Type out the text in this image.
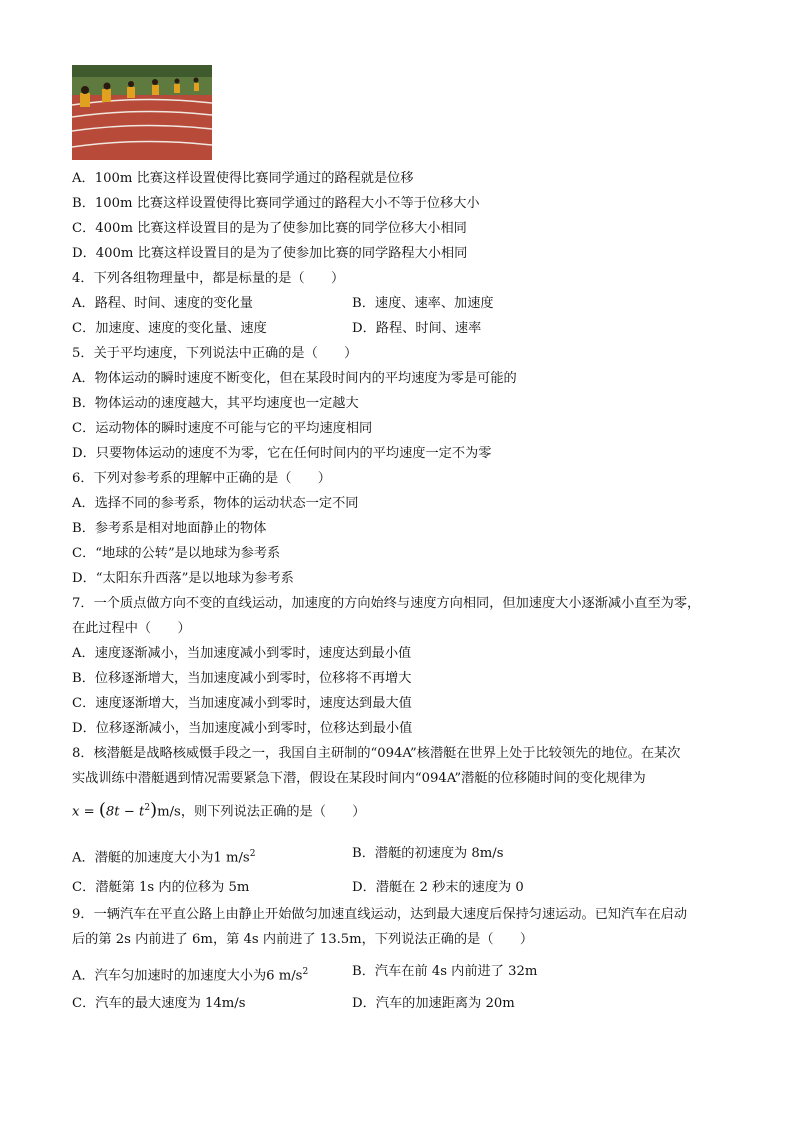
A．100m 比赛这样设置使得比赛同学通过的路程就是位移
B．100m 比赛这样设置使得比赛同学通过的路程大小不等于位移大小
C．400m 比赛这样设置目的是为了使参加比赛的同学位移大小相同
D．400m 比赛这样设置目的是为了使参加比赛的同学路程大小相同
4．下列各组物理量中，都是标量的是（　　）
A．路程、时间、速度的变化量	B．速度、速率、加速度
C．加速度、速度的变化量、速度	D．路程、时间、速率
5．关于平均速度，下列说法中正确的是（　　）
A．物体运动的瞬时速度不断变化，但在某段时间内的平均速度为零是可能的
B．物体运动的速度越大，其平均速度也一定越大
C．运动物体的瞬时速度不可能与它的平均速度相同
D．只要物体运动的速度不为零，它在任何时间内的平均速度一定不为零
6．下列对参考系的理解中正确的是（　　）
A．选择不同的参考系，物体的运动状态一定不同
B．参考系是相对地面静止的物体
C．“地球的公转”是以地球为参考系
D．“太阳东升西落”是以地球为参考系
7．一个质点做方向不变的直线运动，加速度的方向始终与速度方向相同，但加速度大小逐渐减小直至为零，
在此过程中（　　）
A．速度逐渐减小，当加速度减小到零时，速度达到最小值
B．位移逐渐增大，当加速度减小到零时，位移将不再增大
C．速度逐渐增大，当加速度减小到零时，速度达到最大值
D．位移逐渐减小，当加速度减小到零时，位移达到最小值
8．核潜艇是战略核威慑手段之一，我国自主研制的“094A”核潜艇在世界上处于比较领先的地位。在某次
实战训练中潜艇遇到情况需要紧急下潜，假设在某段时间内“094A”潜艇的位移随时间的变化规律为
$x = (8t - t^2)m/s$，则下列说法正确的是（　　）
A．潜艇的加速度大小为1 $m/s^2$	B．潜艇的初速度为 8m/s
C．潜艇第 1s 内的位移为 5m	D．潜艇在 2 秒末的速度为 0
9．一辆汽车在平直公路上由静止开始做匀加速直线运动，达到最大速度后保持匀速运动。已知汽车在启动
后的第 2s 内前进了 6m，第 4s 内前进了 13.5m，下列说法正确的是（　　）
A．汽车匀加速时的加速度大小为6 $m/s^2$	B．汽车在前 4s 内前进了 32m
C．汽车的最大速度为 14m/s	D．汽车的加速距离为 20m
